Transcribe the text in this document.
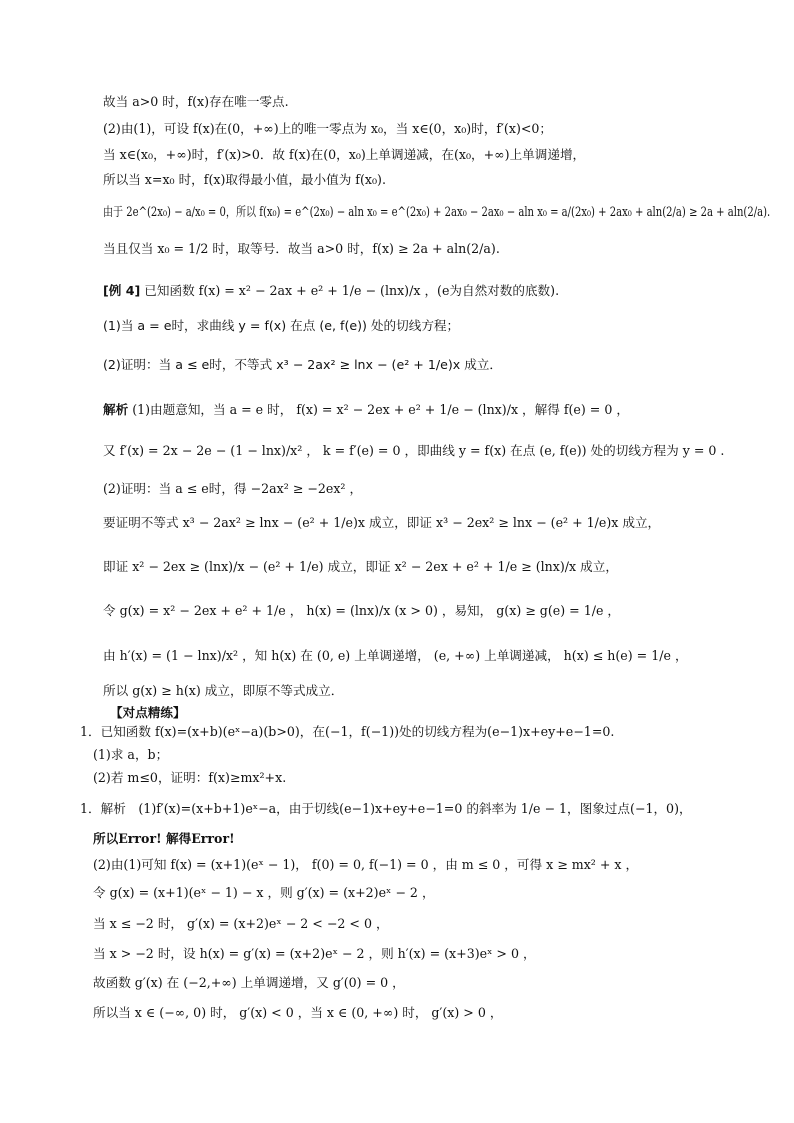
故当 a>0 时，f(x)存在唯一零点.
(2)由(1)，可设 f(x)在(0，+∞)上的唯一零点为 x₀，当 x∈(0，x₀)时，f′(x)<0；
当 x∈(x₀，+∞)时，f′(x)>0．故 f(x)在(0，x₀)上单调递减，在(x₀，+∞)上单调递增，
所以当 x=x₀ 时，f(x)取得最小值，最小值为 f(x₀).
由于 2e^(2x₀) − a/x₀ = 0，所以 f(x₀) = e^(2x₀) − aln x₀ = e^(2x₀) + 2ax₀ − 2ax₀ − aln x₀ = a/(2x₀) + 2ax₀ + aln(2/a) ≥ 2a + aln(2/a).
当且仅当 x₀ = 1/2 时，取等号．故当 a>0 时，f(x) ≥ 2a + aln(2/a).
[例 4] 已知函数 f(x) = x² − 2ax + e² + 1/e − (lnx)/x ，(e为自然对数的底数).
(1)当 a = e时，求曲线 y = f(x) 在点 (e, f(e)) 处的切线方程；
(2)证明：当 a ≤ e时，不等式 x³ − 2ax² ≥ lnx − (e² + 1/e)x 成立．
解析 (1)由题意知，当 a = e 时， f(x) = x² − 2ex + e² + 1/e − (lnx)/x ，解得 f(e) = 0 ，
又 f′(x) = 2x − 2e − (1 − lnx)/x² ， k = f′(e) = 0 ，即曲线 y = f(x) 在点 (e, f(e)) 处的切线方程为 y = 0 .
(2)证明：当 a ≤ e时，得 −2ax² ≥ −2ex² ，
要证明不等式 x³ − 2ax² ≥ lnx − (e² + 1/e)x 成立，即证 x³ − 2ex² ≥ lnx − (e² + 1/e)x 成立，
即证 x² − 2ex ≥ (lnx)/x − (e² + 1/e) 成立，即证 x² − 2ex + e² + 1/e ≥ (lnx)/x 成立，
令 g(x) = x² − 2ex + e² + 1/e ， h(x) = (lnx)/x (x > 0) ，易知， g(x) ≥ g(e) = 1/e ，
由 h′(x) = (1 − lnx)/x² ，知 h(x) 在 (0, e) 上单调递增， (e, +∞) 上单调递减， h(x) ≤ h(e) = 1/e ，
所以 g(x) ≥ h(x) 成立，即原不等式成立．
【对点精练】
1．已知函数 f(x)=(x+b)(eˣ−a)(b>0)，在(−1，f(−1))处的切线方程为(e−1)x+ey+e−1=0.
(1)求 a，b；
(2)若 m≤0，证明：f(x)≥mx²+x.
1．解析　(1)f′(x)=(x+b+1)eˣ−a，由于切线(e−1)x+ey+e−1=0 的斜率为 1/e − 1，图象过点(−1，0)，
所以Error! 解得Error!
(2)由(1)可知 f(x) = (x+1)(eˣ − 1)， f(0) = 0, f(−1) = 0 ，由 m ≤ 0 ，可得 x ≥ mx² + x ，
令 g(x) = (x+1)(eˣ − 1) − x ，则 g′(x) = (x+2)eˣ − 2 ，
当 x ≤ −2 时， g′(x) = (x+2)eˣ − 2 < −2 < 0 ，
当 x > −2 时，设 h(x) = g′(x) = (x+2)eˣ − 2 ，则 h′(x) = (x+3)eˣ > 0 ，
故函数 g′(x) 在 (−2,+∞) 上单调递增，又 g′(0) = 0 ，
所以当 x ∈ (−∞, 0) 时， g′(x) < 0 ，当 x ∈ (0, +∞) 时， g′(x) > 0 ，
